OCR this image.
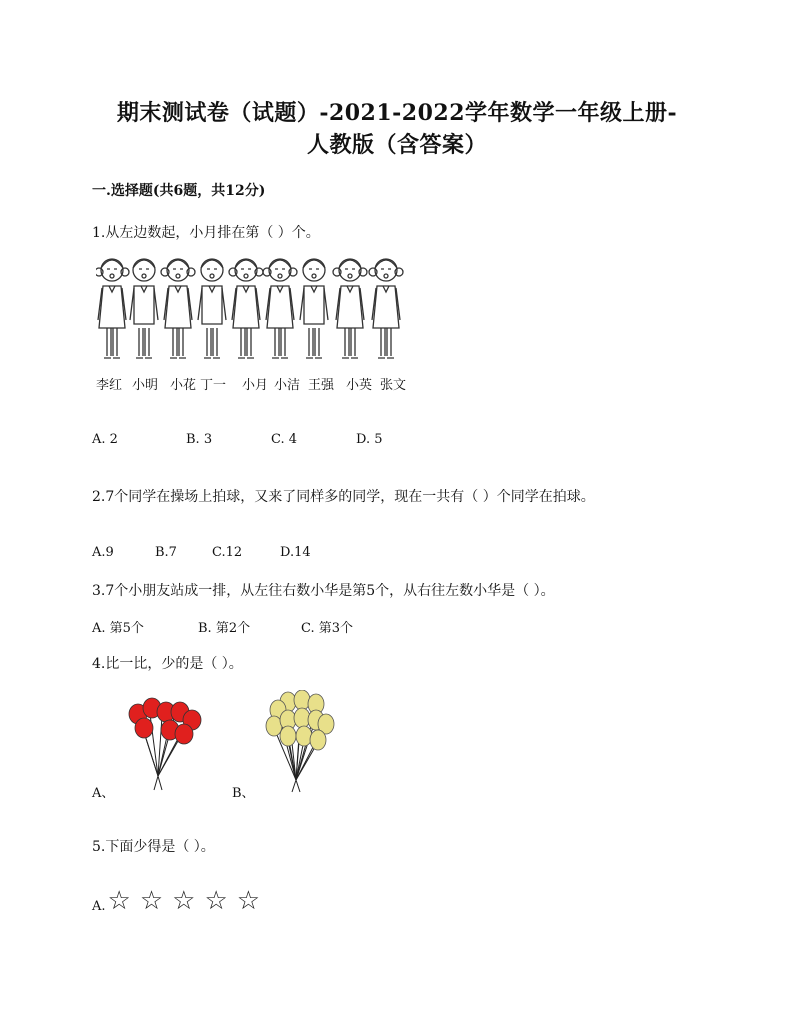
期末测试卷（试题）-2021-2022学年数学一年级上册-
人教版（含答案）
一.选择题(共6题，共12分)
1.从左边数起，小月排在第（ ）个。
李红 小明 小花 丁一 小月 小洁 王强 小英 张文
A. 2	B. 3	C. 4	D. 5
2.7个同学在操场上拍球，又来了同样多的同学，现在一共有（ ）个同学在拍球。
A.9	B.7	C.12	D.14
3.7个小朋友站成一排，从左往右数小华是第5个，从右往左数小华是（ ）。
A. 第5个	B. 第2个	C. 第3个
4.比一比，少的是（ ）。
A、	B、
5.下面少得是（ ）。
A. ☆ ☆ ☆ ☆ ☆
